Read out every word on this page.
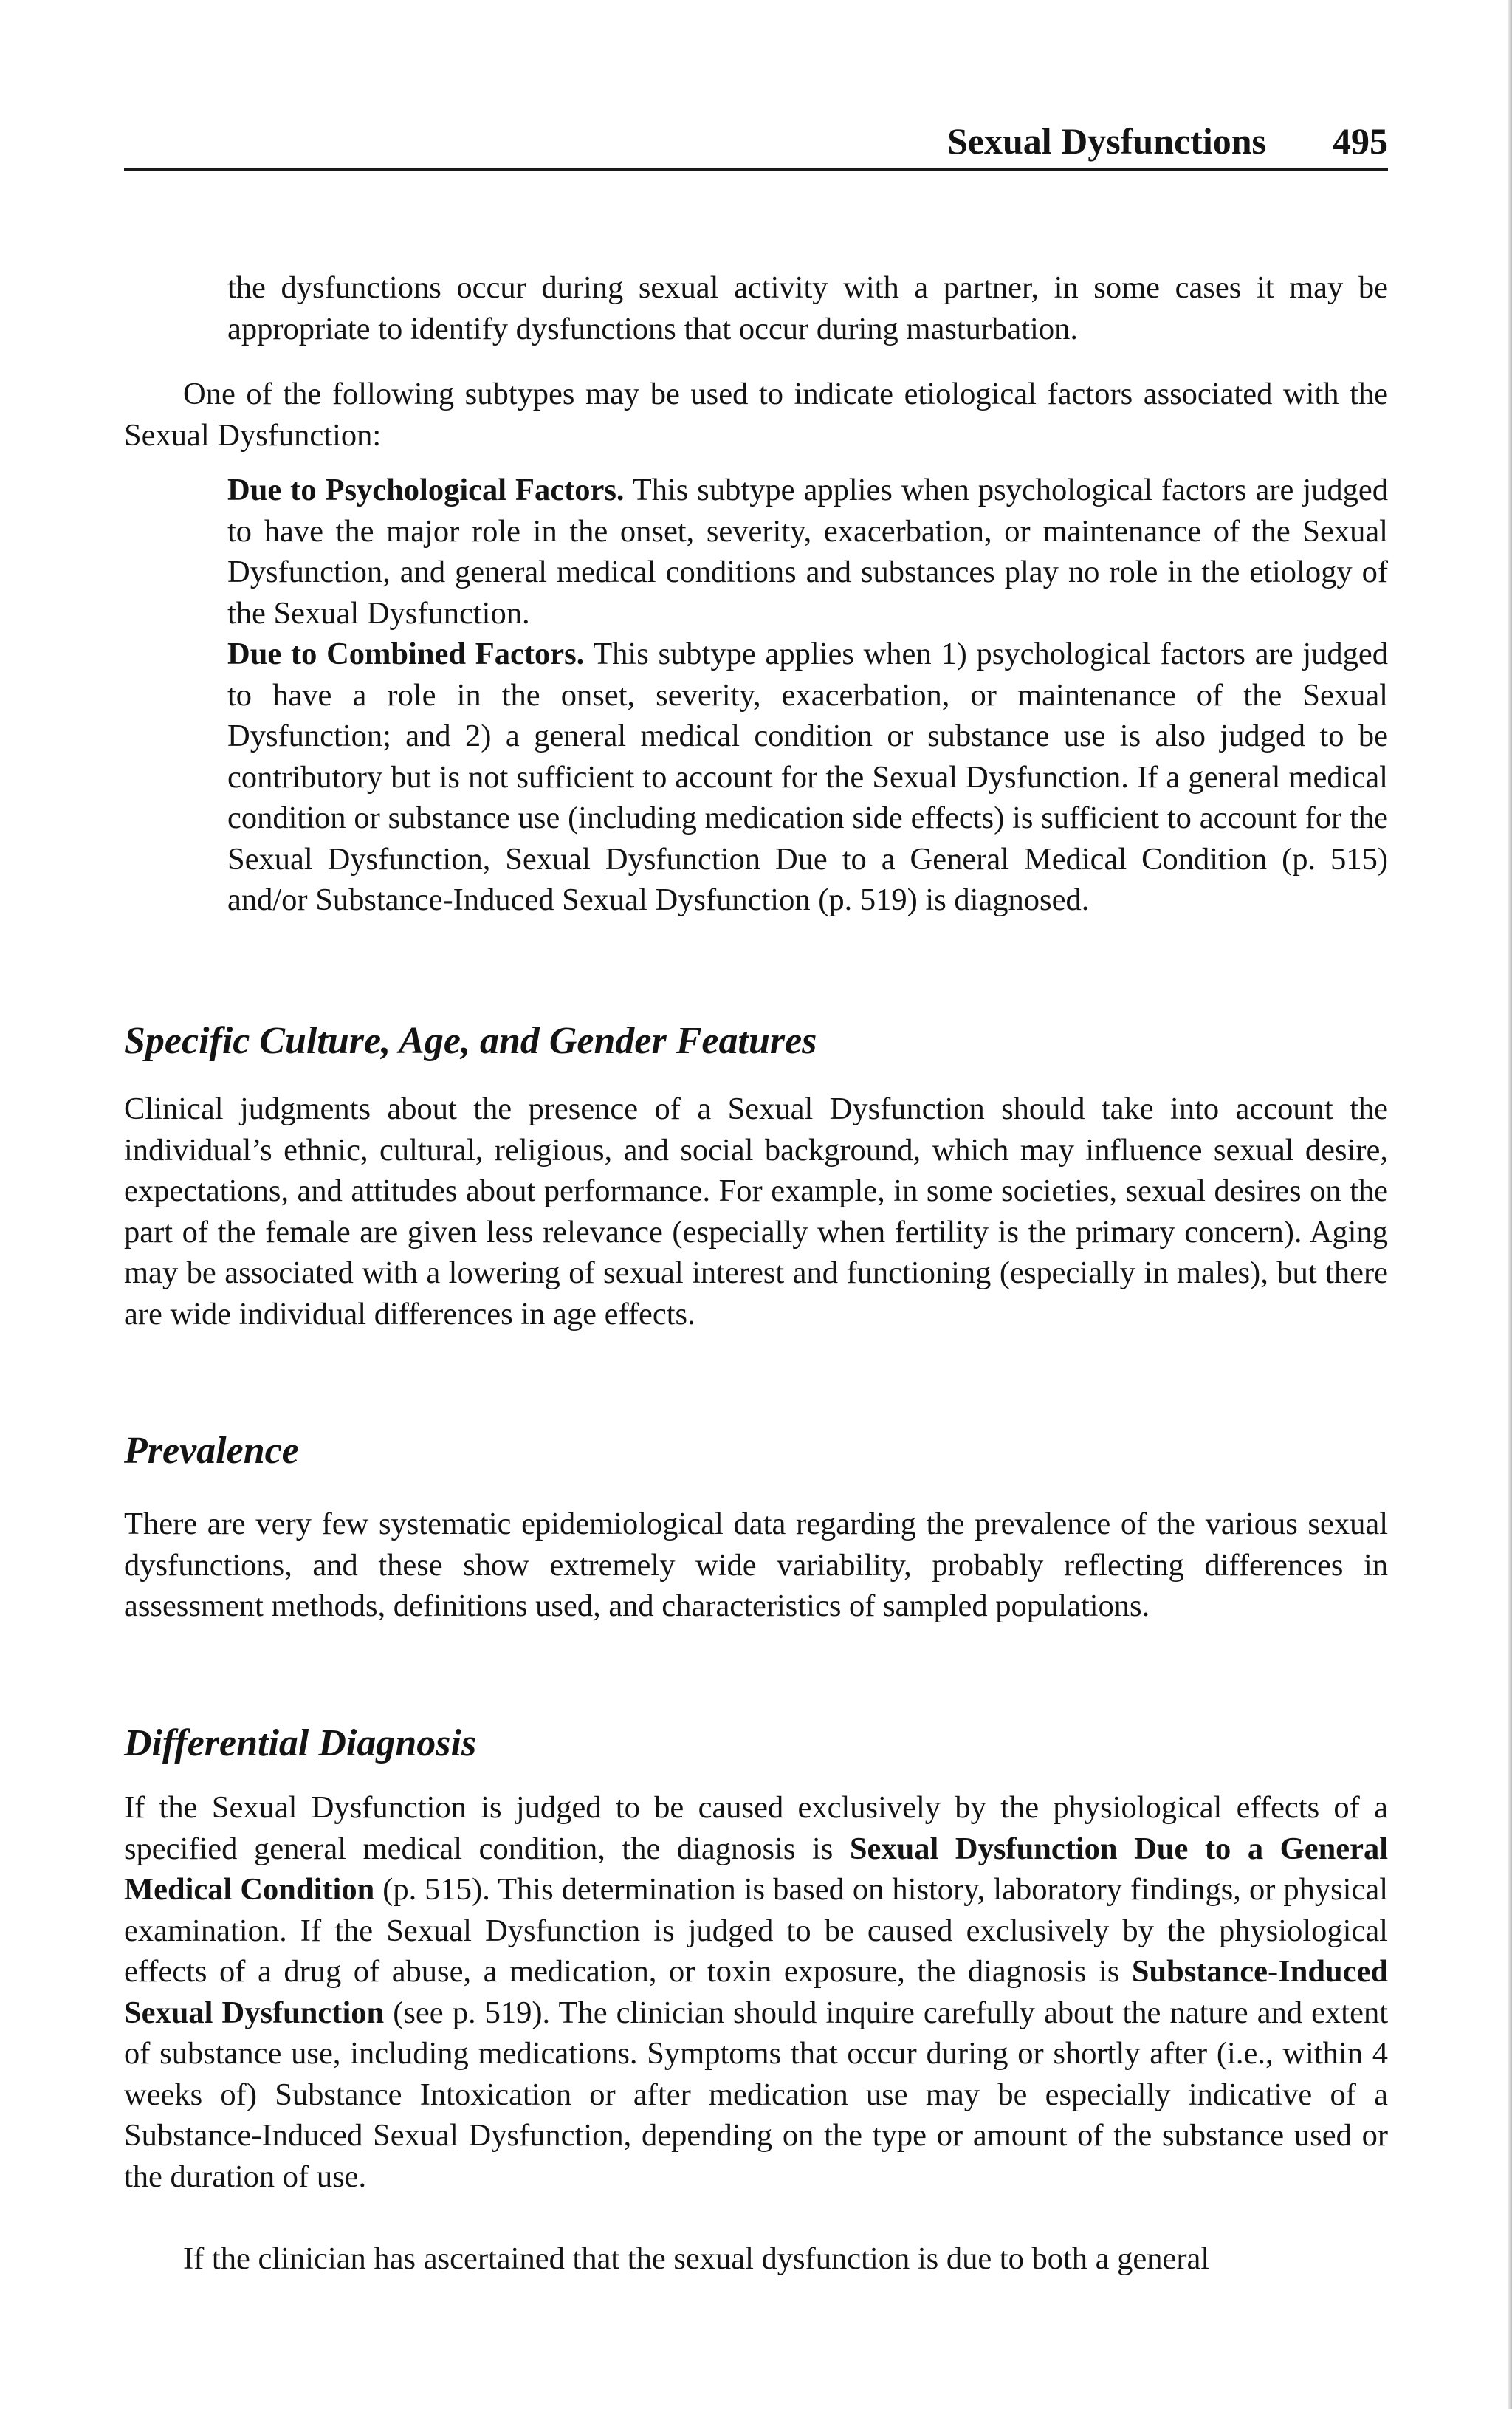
Sexual Dysfunctions 495

the dysfunctions occur during sexual activity with a partner, in some cases it may be appropriate to identify dysfunctions that occur during masturbation.

One of the following subtypes may be used to indicate etiological factors associated with the Sexual Dysfunction:

Due to Psychological Factors. This subtype applies when psychological factors are judged to have the major role in the onset, severity, exacerbation, or maintenance of the Sexual Dysfunction, and general medical conditions and substances play no role in the etiology of the Sexual Dysfunction.

Due to Combined Factors. This subtype applies when 1) psychological factors are judged to have a role in the onset, severity, exacerbation, or maintenance of the Sexual Dysfunction; and 2) a general medical condition or substance use is also judged to be contributory but is not sufficient to account for the Sexual Dysfunction. If a general medical condition or substance use (including medication side effects) is sufficient to account for the Sexual Dysfunction, Sexual Dysfunction Due to a General Medical Condition (p. 515) and/or Substance-Induced Sexual Dysfunction (p. 519) is diagnosed.

Specific Culture, Age, and Gender Features

Clinical judgments about the presence of a Sexual Dysfunction should take into account the individual’s ethnic, cultural, religious, and social background, which may influence sexual desire, expectations, and attitudes about performance. For example, in some societies, sexual desires on the part of the female are given less relevance (especially when fertility is the primary concern). Aging may be associated with a lowering of sexual interest and functioning (especially in males), but there are wide individual differences in age effects.

Prevalence

There are very few systematic epidemiological data regarding the prevalence of the various sexual dysfunctions, and these show extremely wide variability, probably reflecting differences in assessment methods, definitions used, and characteristics of sampled populations.

Differential Diagnosis

If the Sexual Dysfunction is judged to be caused exclusively by the physiological effects of a specified general medical condition, the diagnosis is Sexual Dysfunction Due to a General Medical Condition (p. 515). This determination is based on history, laboratory findings, or physical examination. If the Sexual Dysfunction is judged to be caused exclusively by the physiological effects of a drug of abuse, a medication, or toxin exposure, the diagnosis is Substance-Induced Sexual Dysfunction (see p. 519). The clinician should inquire carefully about the nature and extent of substance use, including medications. Symptoms that occur during or shortly after (i.e., within 4 weeks of) Substance Intoxication or after medication use may be especially indicative of a Substance-Induced Sexual Dysfunction, depending on the type or amount of the substance used or the duration of use.

If the clinician has ascertained that the sexual dysfunction is due to both a general
